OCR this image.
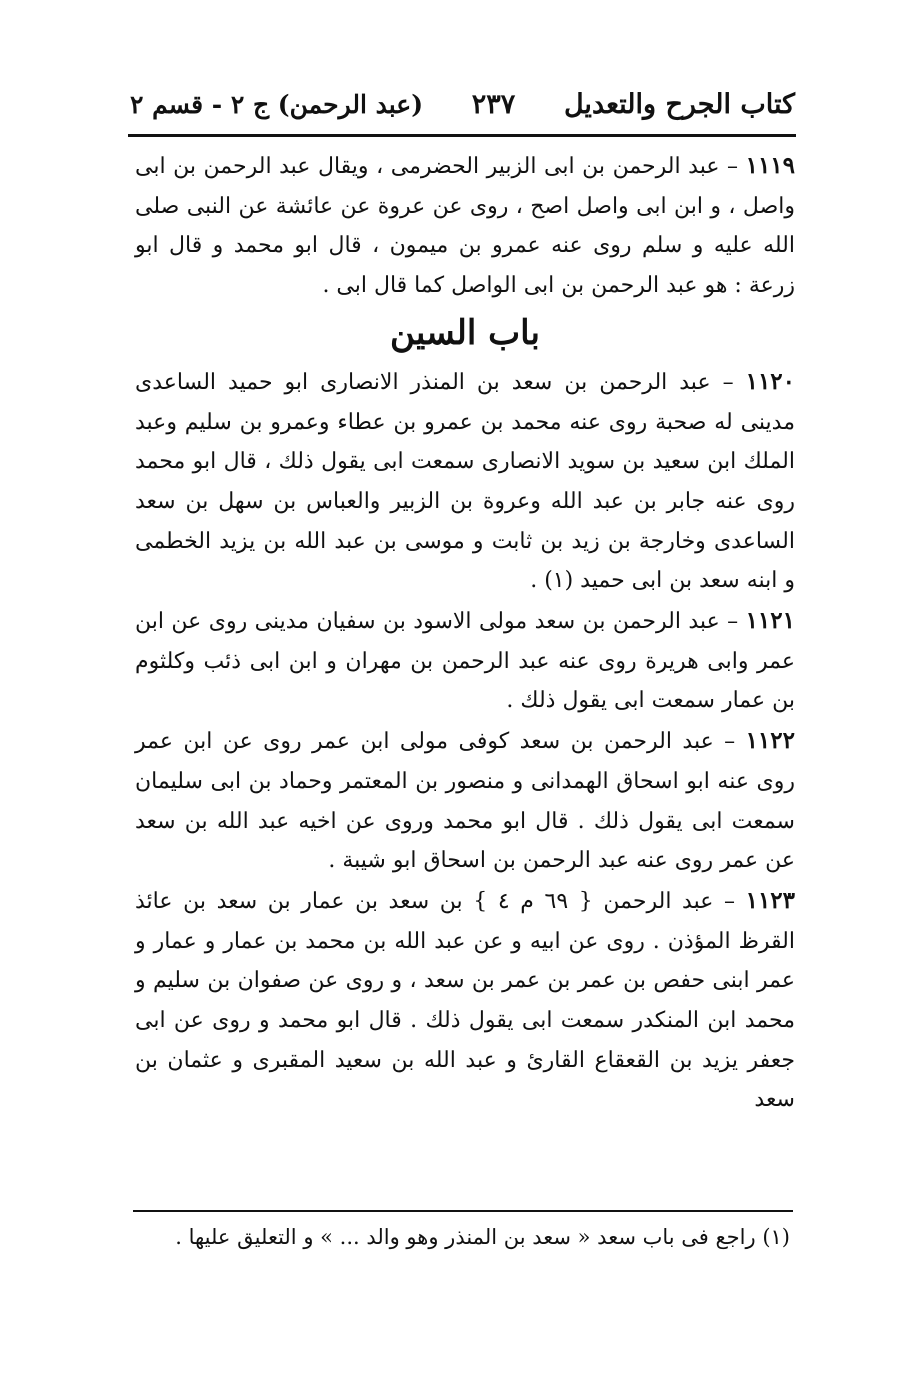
كتاب الجرح والتعديل
٢٣٧
(عبد الرحمن) ج ٢ - قسم ٢

١١١٩ – عبد الرحمن بن ابى الزبير الحضرمى ، ويقال عبد الرحمن بن ابى واصل ، و ابن ابى واصل اصح ، روى عن عروة عن عائشة عن النبى صلى الله عليه و سلم روى عنه عمرو بن ميمون ، قال ابو محمد و قال ابو زرعة : هو عبد الرحمن بن ابى الواصل كما قال ابى .

باب السين

١١٢٠ – عبد الرحمن بن سعد بن المنذر الانصارى ابو حميد الساعدى مدينى له صحبة روى عنه محمد بن عمرو بن عطاء وعمرو بن سليم وعبد الملك ابن سعيد بن سويد الانصارى سمعت ابى يقول ذلك ، قال ابو محمد روى عنه جابر بن عبد الله وعروة بن الزبير والعباس بن سهل بن سعد الساعدى وخارجة بن زيد بن ثابت و موسى بن عبد الله بن يزيد الخطمى و ابنه سعد بن ابى حميد (١) .

١١٢١ – عبد الرحمن بن سعد مولى الاسود بن سفيان مدينى روى عن ابن عمر وابى هريرة روى عنه عبد الرحمن بن مهران و ابن ابى ذئب وكلثوم بن عمار سمعت ابى يقول ذلك .

١١٢٢ – عبد الرحمن بن سعد كوفى مولى ابن عمر روى عن ابن عمر روى عنه ابو اسحاق الهمدانى و منصور بن المعتمر وحماد بن ابى سليمان سمعت ابى يقول ذلك . قال ابو محمد وروى عن اخيه عبد الله بن سعد عن عمر روى عنه عبد الرحمن بن اسحاق ابو شيبة .

١١٢٣ – عبد الرحمن { ٦٩ م ٤ } بن سعد بن عمار بن سعد بن عائذ القرظ المؤذن . روى عن ابيه و عن عبد الله بن محمد بن عمار و عمار و عمر ابنى حفص بن عمر بن عمر بن سعد ، و روى عن صفوان بن سليم و محمد ابن المنكدر سمعت ابى يقول ذلك . قال ابو محمد و روى عن ابى جعفر يزيد بن القعقاع القارئ و عبد الله بن سعيد المقبرى و عثمان بن سعد

(١) راجع فى باب سعد « سعد بن المنذر وهو والد ... » و التعليق عليها .
